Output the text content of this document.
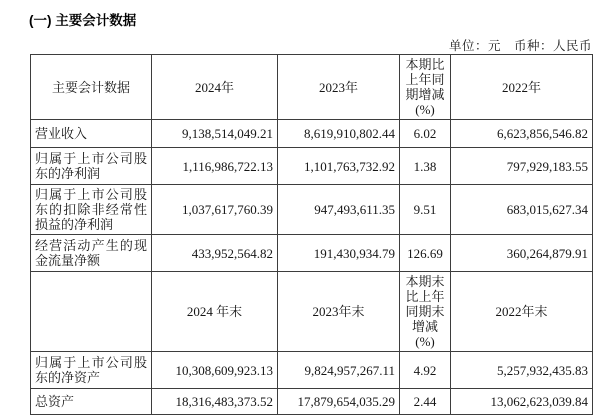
(一) 主要会计数据
单位：元　币种：人民币
主要会计数据	2024年	2023年	本期比上年同期增减(%)	2022年
营业收入	9,138,514,049.21	8,619,910,802.44	6.02	6,623,856,546.82
归属于上市公司股东的净利润	1,116,986,722.13	1,101,763,732.92	1.38	797,929,183.55
归属于上市公司股东的扣除非经常性损益的净利润	1,037,617,760.39	947,493,611.35	9.51	683,015,627.34
经营活动产生的现金流量净额	433,952,564.82	191,430,934.79	126.69	360,264,879.91
	2024 年末	2023年末	本期末比上年同期末增减(%)	2022年末
归属于上市公司股东的净资产	10,308,609,923.13	9,824,957,267.11	4.92	5,257,932,435.83
总资产	18,316,483,373.52	17,879,654,035.29	2.44	13,062,623,039.84
